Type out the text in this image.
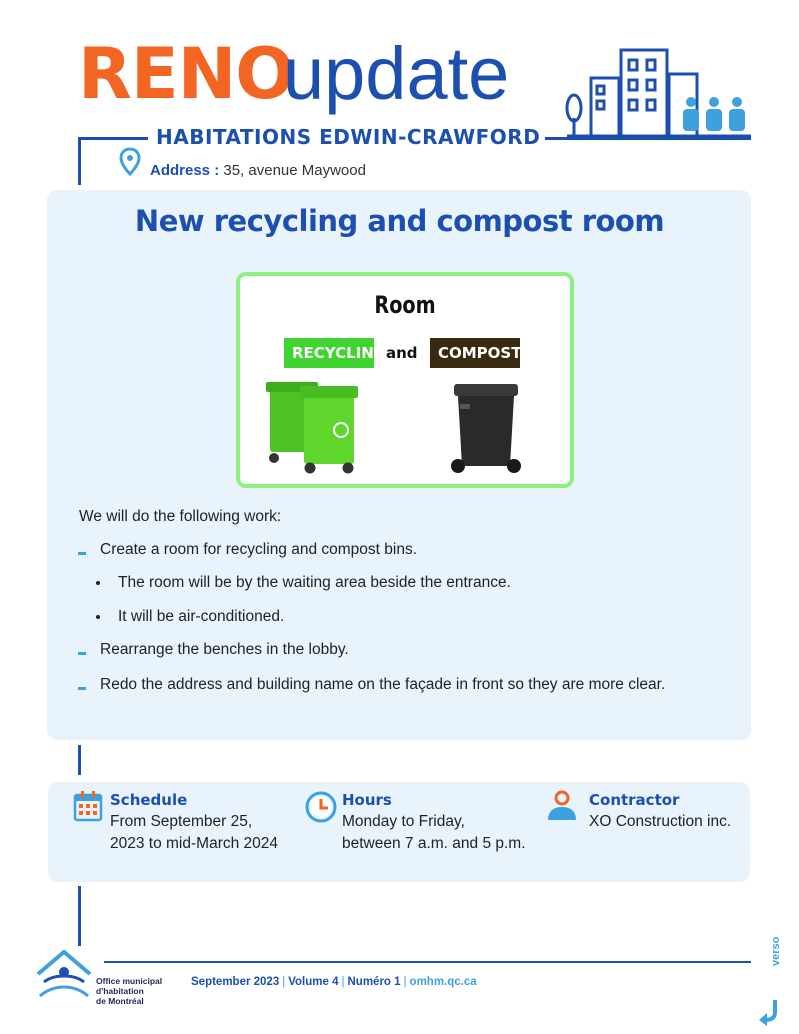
RENO
update
HABITATIONS EDWIN-CRAWFORD
Address : 35, avenue Maywood
New recycling and compost room
Room
RECYCLING and	COMPOST
We will do the following work:
Create a room for recycling and compost bins.
The room will be by the waiting area beside the entrance.
It will be air-conditioned.
Rearrange the benches in the lobby.
Redo the address and building name on the façade in front so they are more clear.
Schedule
From September 25,
2023 to mid-March 2024
Hours
Monday to Friday,
between 7 a.m. and 5 p.m.
Contractor
XO Construction inc.
Office municipal
d'habitation
de Montréal
September 2023 | Volume 4 | Numéro 1 | omhm.qc.ca
verso
